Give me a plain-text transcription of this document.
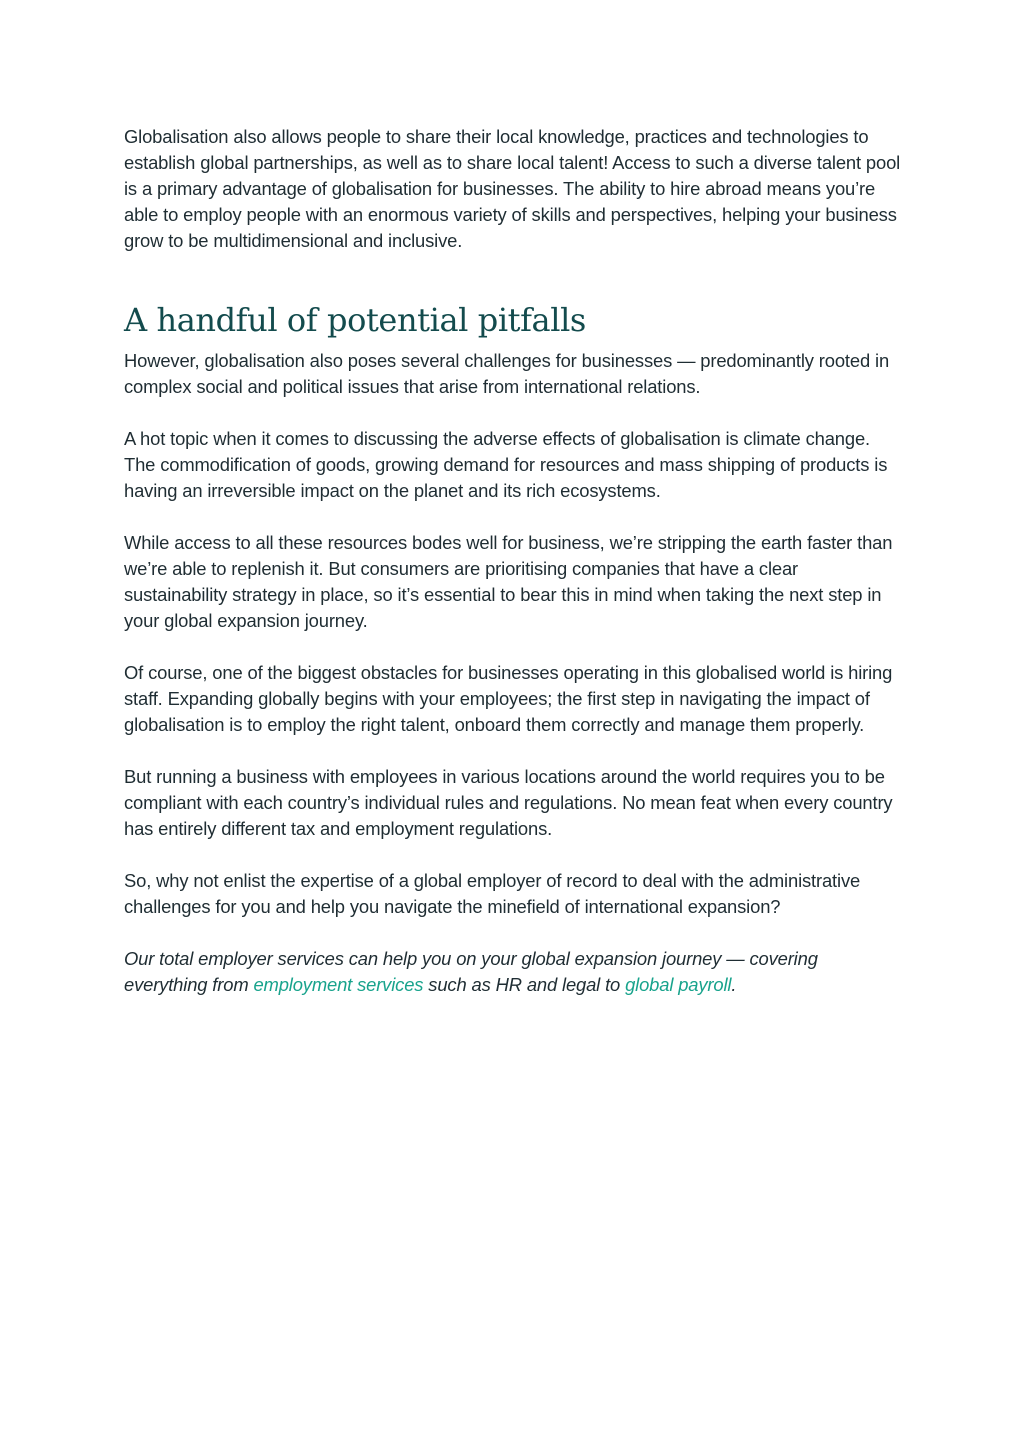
Globalisation also allows people to share their local knowledge, practices and technologies to establish global partnerships, as well as to share local talent! Access to such a diverse talent pool is a primary advantage of globalisation for businesses. The ability to hire abroad means you’re able to employ people with an enormous variety of skills and perspectives, helping your business grow to be multidimensional and inclusive.

A handful of potential pitfalls

However, globalisation also poses several challenges for businesses — predominantly rooted in complex social and political issues that arise from international relations.

A hot topic when it comes to discussing the adverse effects of globalisation is climate change. The commodification of goods, growing demand for resources and mass shipping of products is having an irreversible impact on the planet and its rich ecosystems.

While access to all these resources bodes well for business, we’re stripping the earth faster than we’re able to replenish it. But consumers are prioritising companies that have a clear sustainability strategy in place, so it’s essential to bear this in mind when taking the next step in your global expansion journey.

Of course, one of the biggest obstacles for businesses operating in this globalised world is hiring staff. Expanding globally begins with your employees; the first step in navigating the impact of globalisation is to employ the right talent, onboard them correctly and manage them properly.

But running a business with employees in various locations around the world requires you to be compliant with each country’s individual rules and regulations. No mean feat when every country has entirely different tax and employment regulations.

So, why not enlist the expertise of a global employer of record to deal with the administrative challenges for you and help you navigate the minefield of international expansion?

Our total employer services can help you on your global expansion journey — covering everything from employment services such as HR and legal to global payroll.
